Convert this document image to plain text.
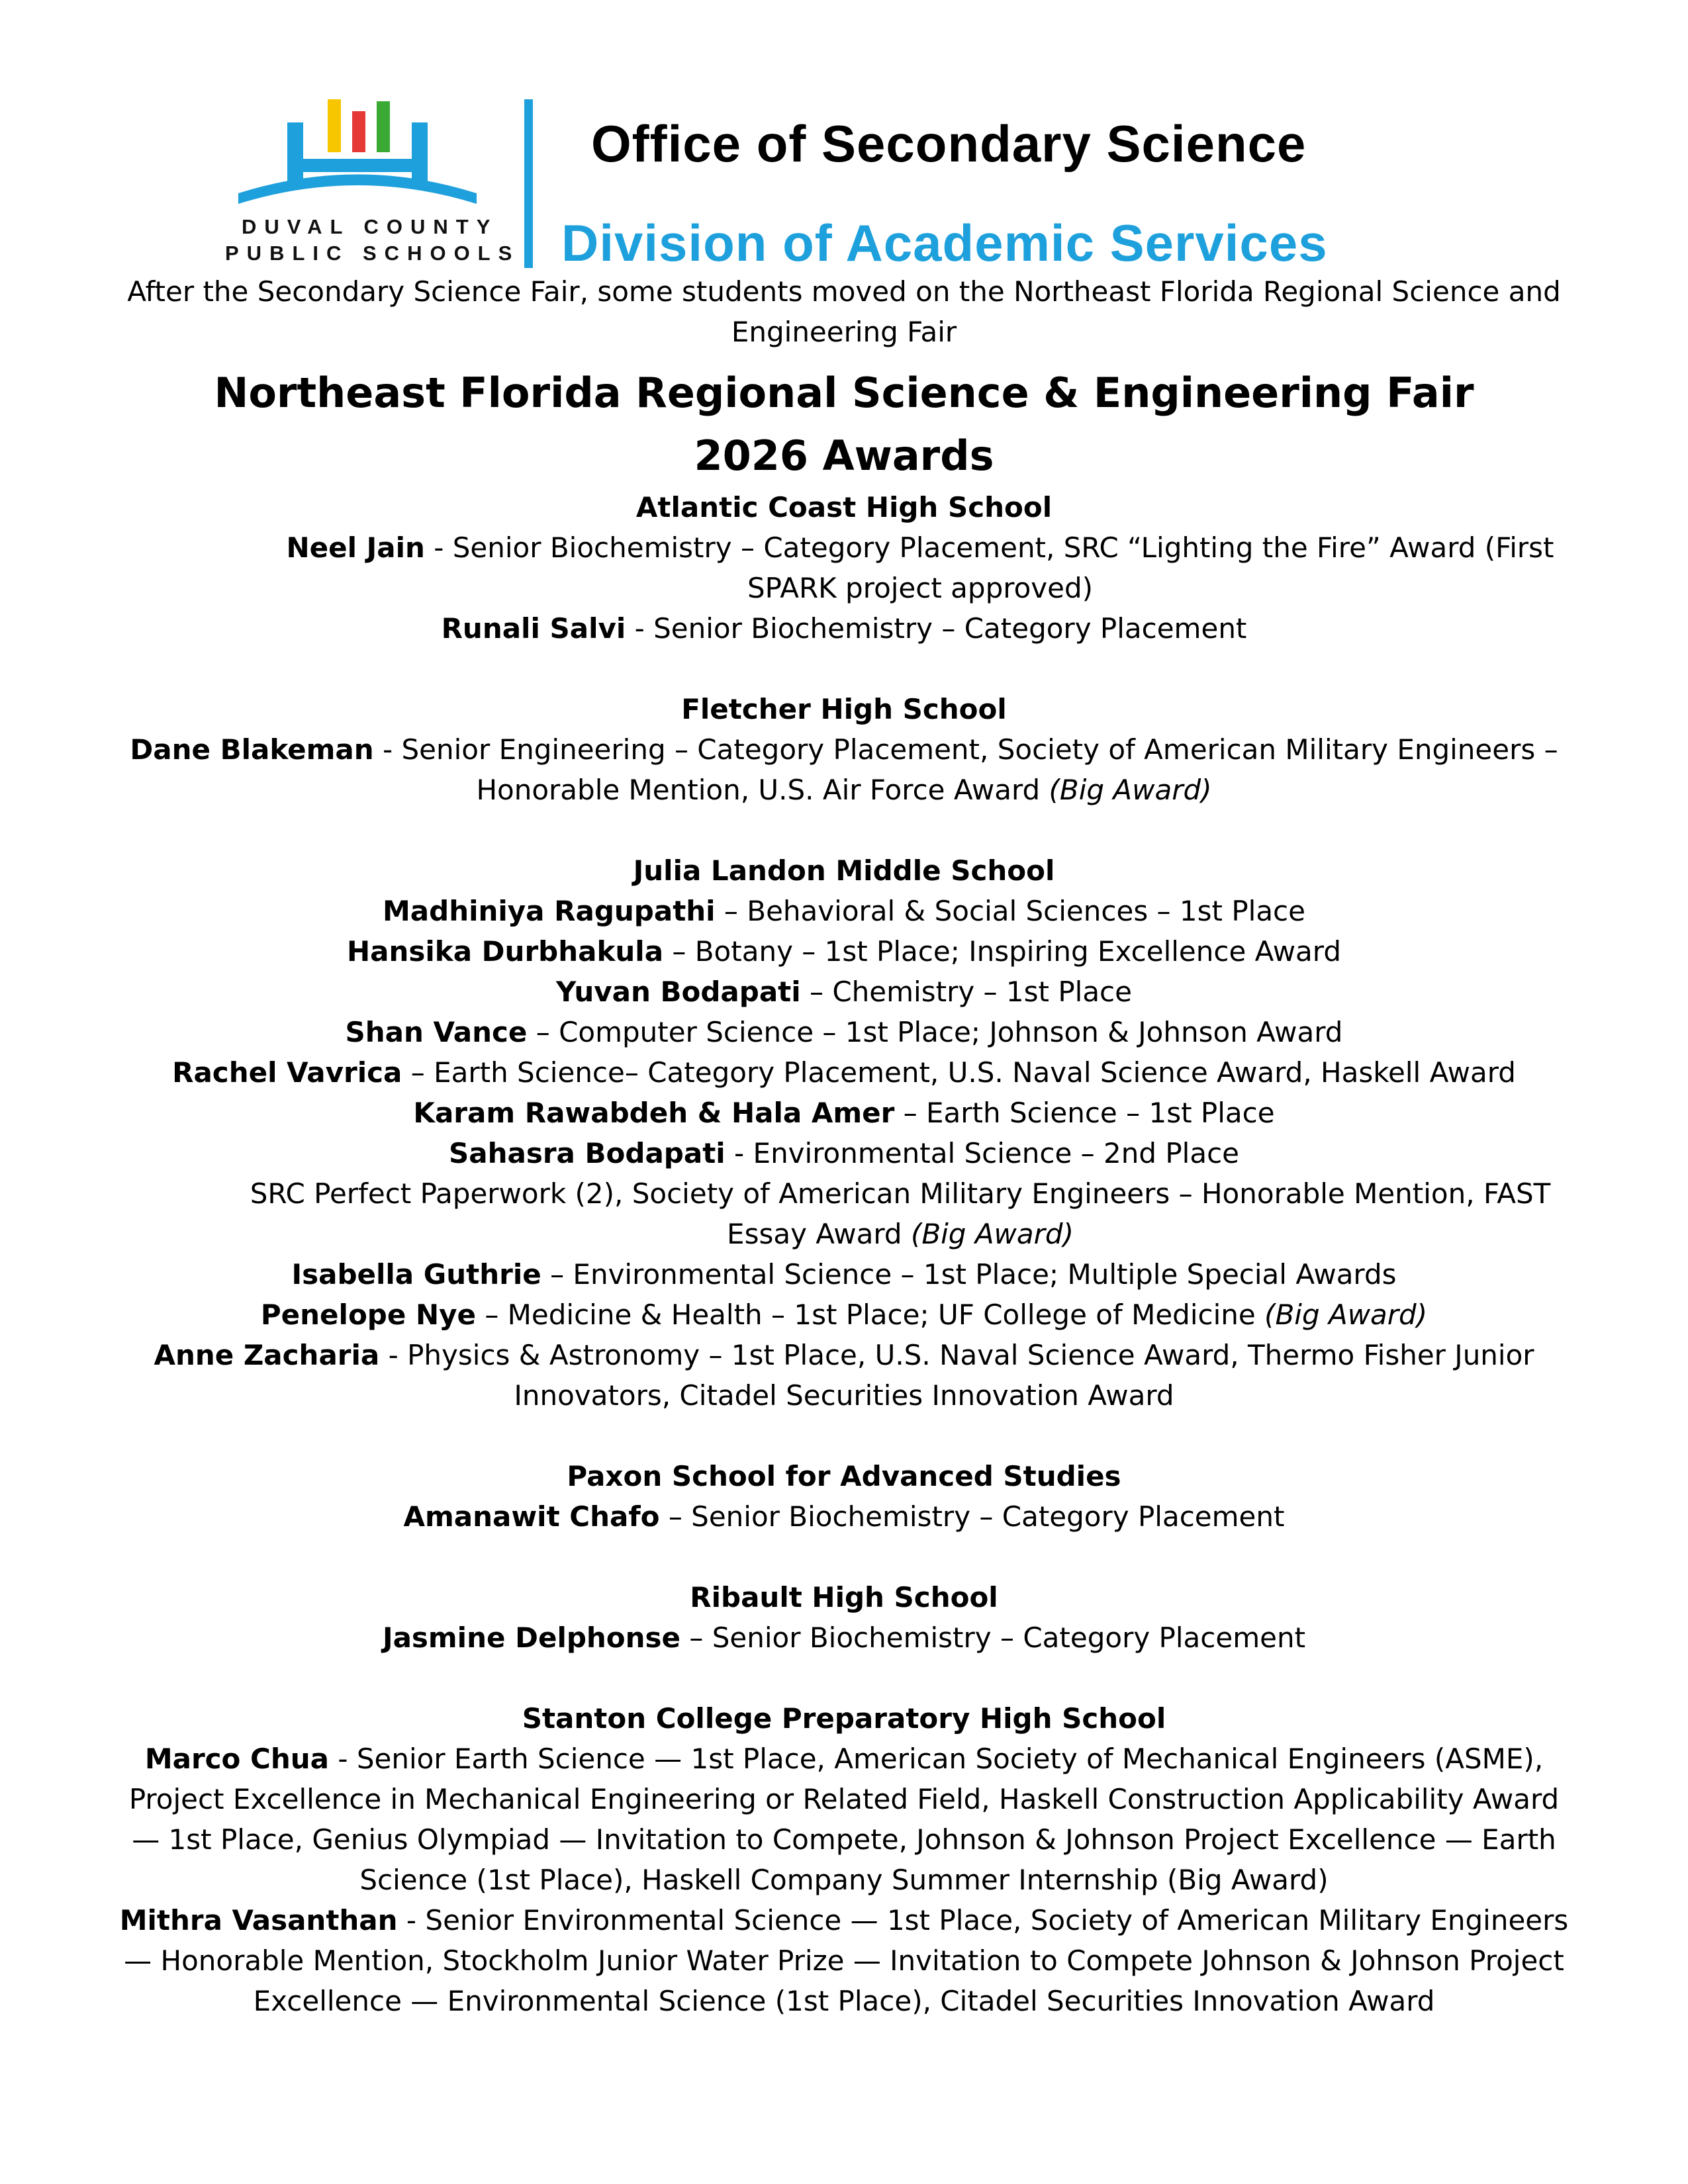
DUVAL COUNTY
PUBLIC SCHOOLS
Office of Secondary Science
Division of Academic Services

After the Secondary Science Fair, some students moved on the Northeast Florida Regional Science and Engineering Fair

Northeast Florida Regional Science & Engineering Fair
2026 Awards

Atlantic Coast High School

Neel Jain - Senior Biochemistry – Category Placement, SRC “Lighting the Fire” Award (First SPARK project approved)

Runali Salvi - Senior Biochemistry – Category Placement

Fletcher High School

Dane Blakeman - Senior Engineering – Category Placement, Society of American Military Engineers – Honorable Mention, U.S. Air Force Award (Big Award)

Julia Landon Middle School

Madhiniya Ragupathi – Behavioral & Social Sciences – 1st Place

Hansika Durbhakula – Botany – 1st Place; Inspiring Excellence Award

Yuvan Bodapati – Chemistry – 1st Place

Shan Vance – Computer Science – 1st Place; Johnson & Johnson Award

Rachel Vavrica – Earth Science– Category Placement, U.S. Naval Science Award, Haskell Award

Karam Rawabdeh & Hala Amer – Earth Science – 1st Place

Sahasra Bodapati - Environmental Science – 2nd Place

SRC Perfect Paperwork (2), Society of American Military Engineers – Honorable Mention, FAST Essay Award (Big Award)

Isabella Guthrie – Environmental Science – 1st Place; Multiple Special Awards

Penelope Nye – Medicine & Health – 1st Place; UF College of Medicine (Big Award)

Anne Zacharia - Physics & Astronomy – 1st Place, U.S. Naval Science Award, Thermo Fisher Junior Innovators, Citadel Securities Innovation Award

Paxon School for Advanced Studies

Amanawit Chafo – Senior Biochemistry – Category Placement

Ribault High School

Jasmine Delphonse – Senior Biochemistry – Category Placement

Stanton College Preparatory High School

Marco Chua - Senior Earth Science — 1st Place, American Society of Mechanical Engineers (ASME), Project Excellence in Mechanical Engineering or Related Field, Haskell Construction Applicability Award — 1st Place, Genius Olympiad — Invitation to Compete, Johnson & Johnson Project Excellence — Earth Science (1st Place), Haskell Company Summer Internship (Big Award)

Mithra Vasanthan - Senior Environmental Science — 1st Place, Society of American Military Engineers — Honorable Mention, Stockholm Junior Water Prize — Invitation to Compete Johnson & Johnson Project Excellence — Environmental Science (1st Place), Citadel Securities Innovation Award
